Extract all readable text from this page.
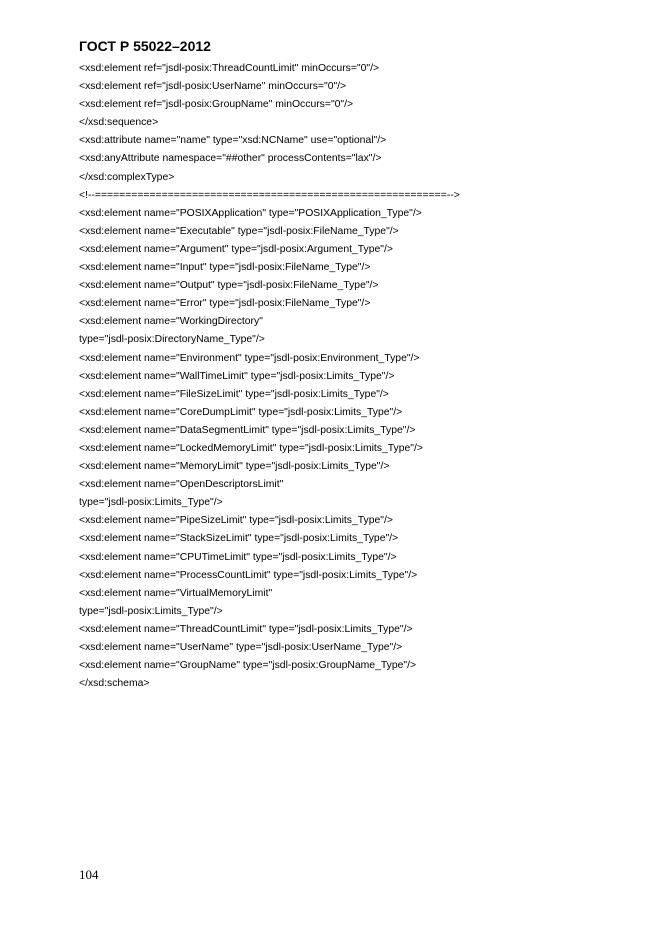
ГОСТ Р 55022–2012
<xsd:element ref="jsdl-posix:ThreadCountLimit" minOccurs="0"/>
<xsd:element ref="jsdl-posix:UserName" minOccurs="0"/>
<xsd:element ref="jsdl-posix:GroupName" minOccurs="0"/>
</xsd:sequence>
<xsd:attribute name="name" type="xsd:NCName" use="optional"/>
<xsd:anyAttribute namespace="##other" processContents="lax"/>
</xsd:complexType>
<!--==========================================================-->
<xsd:element name="POSIXApplication" type="POSIXApplication_Type"/>
<xsd:element name="Executable" type="jsdl-posix:FileName_Type"/>
<xsd:element name="Argument" type="jsdl-posix:Argument_Type"/>
<xsd:element name="Input" type="jsdl-posix:FileName_Type"/>
<xsd:element name="Output" type="jsdl-posix:FileName_Type"/>
<xsd:element name="Error" type="jsdl-posix:FileName_Type"/>
<xsd:element name="WorkingDirectory"
type="jsdl-posix:DirectoryName_Type"/>
<xsd:element name="Environment" type="jsdl-posix:Environment_Type"/>
<xsd:element name="WallTimeLimit" type="jsdl-posix:Limits_Type"/>
<xsd:element name="FileSizeLimit" type="jsdl-posix:Limits_Type"/>
<xsd:element name="CoreDumpLimit" type="jsdl-posix:Limits_Type"/>
<xsd:element name="DataSegmentLimit" type="jsdl-posix:Limits_Type"/>
<xsd:element name="LockedMemoryLimit" type="jsdl-posix:Limits_Type"/>
<xsd:element name="MemoryLimit" type="jsdl-posix:Limits_Type"/>
<xsd:element name="OpenDescriptorsLimit"
type="jsdl-posix:Limits_Type"/>
<xsd:element name="PipeSizeLimit" type="jsdl-posix:Limits_Type"/>
<xsd:element name="StackSizeLimit" type="jsdl-posix:Limits_Type"/>
<xsd:element name="CPUTimeLimit" type="jsdl-posix:Limits_Type"/>
<xsd:element name="ProcessCountLimit" type="jsdl-posix:Limits_Type"/>
<xsd:element name="VirtualMemoryLimit"
type="jsdl-posix:Limits_Type"/>
<xsd:element name="ThreadCountLimit" type="jsdl-posix:Limits_Type"/>
<xsd:element name="UserName" type="jsdl-posix:UserName_Type"/>
<xsd:element name="GroupName" type="jsdl-posix:GroupName_Type"/>
</xsd:schema>

104
